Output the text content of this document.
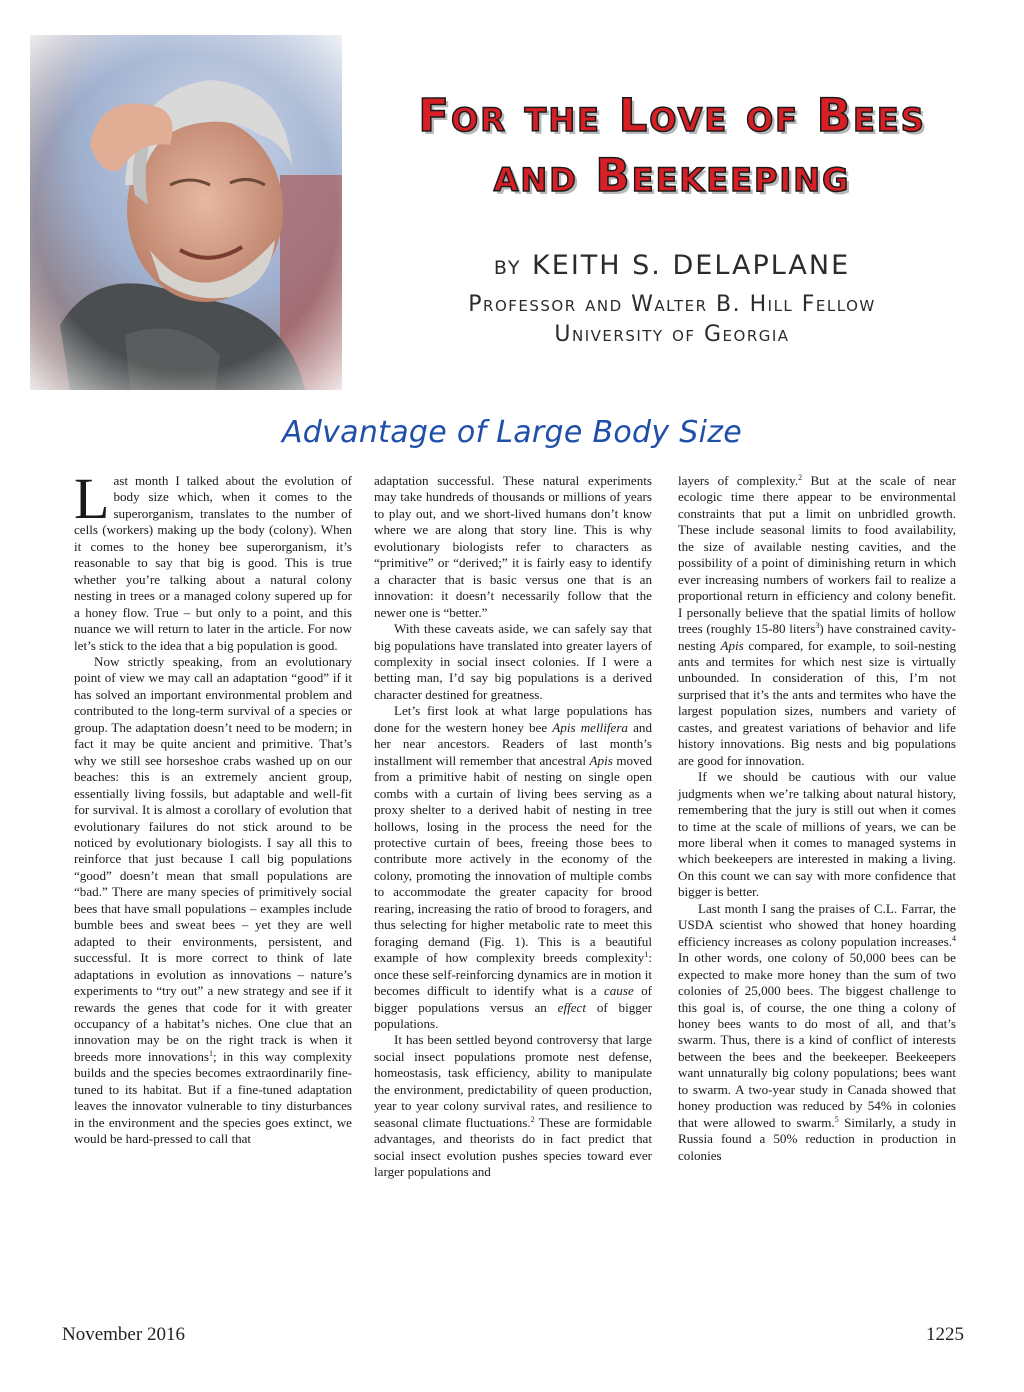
For the Love of Bees
and Beekeeping
by KEITH S. DELAPLANE
Professor and Walter B. Hill Fellow
University of Georgia
Advantage of Large Body Size

Last month I talked about the evolution of body size which, when it comes to the superorganism, translates to the number of cells (workers) making up the body (colony). When it comes to the honey bee superorganism, it’s reasonable to say that big is good. This is true whether you’re talking about a natural colony nesting in trees or a managed colony supered up for a honey flow. True – but only to a point, and this nuance we will return to later in the article. For now let’s stick to the idea that a big population is good.

Now strictly speaking, from an evolutionary point of view we may call an adaptation “good” if it has solved an important environmental problem and contributed to the long-term survival of a species or group. The adaptation doesn’t need to be modern; in fact it may be quite ancient and primitive. That’s why we still see horseshoe crabs washed up on our beaches: this is an extremely ancient group, essentially living fossils, but adaptable and well-fit for survival. It is almost a corollary of evolution that evolutionary failures do not stick around to be noticed by evolutionary biologists. I say all this to reinforce that just because I call big populations “good” doesn’t mean that small populations are “bad.” There are many species of primitively social bees that have small populations – examples include bumble bees and sweat bees – yet they are well adapted to their environments, persistent, and successful. It is more correct to think of late adaptations in evolution as innovations – nature’s experiments to “try out” a new strategy and see if it rewards the genes that code for it with greater occupancy of a habitat’s niches. One clue that an innovation may be on the right track is when it breeds more innovations$^1$; in this way complexity builds and the species becomes extraordinarily fine-tuned to its habitat. But if a fine-tuned adaptation leaves the innovator vulnerable to tiny disturbances in the environment and the species goes extinct, we would be hard-pressed to call that

adaptation successful. These natural experiments may take hundreds of thousands or millions of years to play out, and we short-lived humans don’t know where we are along that story line. This is why evolutionary biologists refer to characters as “primitive” or “derived;” it is fairly easy to identify a character that is basic versus one that is an innovation: it doesn’t necessarily follow that the newer one is “better.”

With these caveats aside, we can safely say that big populations have translated into greater layers of complexity in social insect colonies. If I were a betting man, I’d say big populations is a derived character destined for greatness.

Let’s first look at what large populations has done for the western honey bee Apis mellifera and her near ancestors. Readers of last month’s installment will remember that ancestral Apis moved from a primitive habit of nesting on single open combs with a curtain of living bees serving as a proxy shelter to a derived habit of nesting in tree hollows, losing in the process the need for the protective curtain of bees, freeing those bees to contribute more actively in the economy of the colony, promoting the innovation of multiple combs to accommodate the greater capacity for brood rearing, increasing the ratio of brood to foragers, and thus selecting for higher metabolic rate to meet this foraging demand (Fig. 1). This is a beautiful example of how complexity breeds complexity$^1$: once these self-reinforcing dynamics are in motion it becomes difficult to identify what is a cause of bigger populations versus an effect of bigger populations.

It has been settled beyond controversy that large social insect populations promote nest defense, homeostasis, task efficiency, ability to manipulate the environment, predictability of queen production, year to year colony survival rates, and resilience to seasonal climate fluctuations.$^2$ These are formidable advantages, and theorists do in fact predict that social insect evolution pushes species toward ever larger populations and

layers of complexity.$^2$ But at the scale of near ecologic time there appear to be environmental constraints that put a limit on unbridled growth. These include seasonal limits to food availability, the size of available nesting cavities, and the possibility of a point of diminishing return in which ever increasing numbers of workers fail to realize a proportional return in efficiency and colony benefit. I personally believe that the spatial limits of hollow trees (roughly 15-80 liters$^3$) have constrained cavity-nesting Apis compared, for example, to soil-nesting ants and termites for which nest size is virtually unbounded. In consideration of this, I’m not surprised that it’s the ants and termites who have the largest population sizes, numbers and variety of castes, and greatest variations of behavior and life history innovations. Big nests and big populations are good for innovation.

If we should be cautious with our value judgments when we’re talking about natural history, remembering that the jury is still out when it comes to time at the scale of millions of years, we can be more liberal when it comes to managed systems in which beekeepers are interested in making a living. On this count we can say with more confidence that bigger is better.

Last month I sang the praises of C.L. Farrar, the USDA scientist who showed that honey hoarding efficiency increases as colony population increases.$^4$ In other words, one colony of 50,000 bees can be expected to make more honey than the sum of two colonies of 25,000 bees. The biggest challenge to this goal is, of course, the one thing a colony of honey bees wants to do most of all, and that’s swarm. Thus, there is a kind of conflict of interests between the bees and the beekeeper. Beekeepers want unnaturally big colony populations; bees want to swarm. A two-year study in Canada showed that honey production was reduced by 54% in colonies that were allowed to swarm.$^5$ Similarly, a study in Russia found a 50% reduction in production in colonies

November 2016	1225
